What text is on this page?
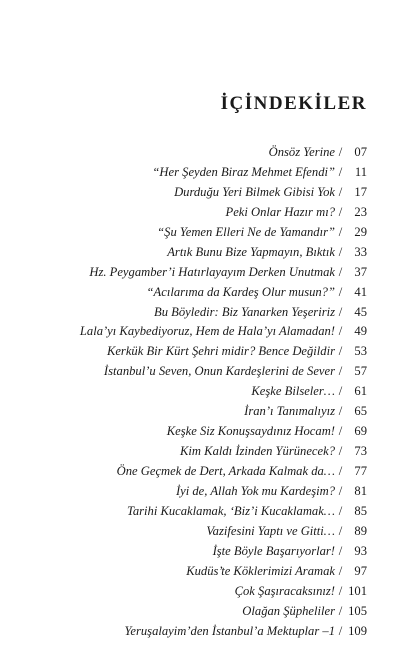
İÇİNDEKİLER
Önsöz Yerine / 07
“Her Şeyden Biraz Mehmet Efendi” /	11
Durduğu Yeri Bilmek Gibisi Yok / 17
Peki Onlar Hazır mı? / 23
“Şu Yemen Elleri Ne de Yamandır” / 29
Artık Bunu Bize Yapmayın, Bıktık / 33
Hz. Peygamber’i Hatırlayayım Derken Unutmak / 37
“Acılarıma da Kardeş Olur musun?” / 41
Bu Böyledir: Biz Yanarken Yeşeririz / 45
Lala’yı Kaybediyoruz, Hem de Hala’yı Alamadan! / 49
Kerkük Bir Kürt Şehri midir? Bence Değildir / 53
İstanbul’u Seven, Onun Kardeşlerini de Sever / 57
Keşke Bilseler… / 61
İran’ı Tanımalıyız / 65
Keşke Siz Konuşsaydınız Hocam! / 69
Kim Kaldı İzinden Yürünecek? / 73
Öne Geçmek de Dert, Arkada Kalmak da… / 77
İyi de, Allah Yok mu Kardeşim? / 81
Tarihi Kucaklamak, ‘Biz’i Kucaklamak… / 85
Vazifesini Yaptı ve Gitti… / 89
İşte Böyle Başarıyorlar! / 93
Kudüs’te Köklerimizi Aramak / 97
Çok Şaşıracaksınız! / 101
Olağan Şüpheliler / 105
Yeruşalayim’den İstanbul’a Mektuplar –1 / 109
